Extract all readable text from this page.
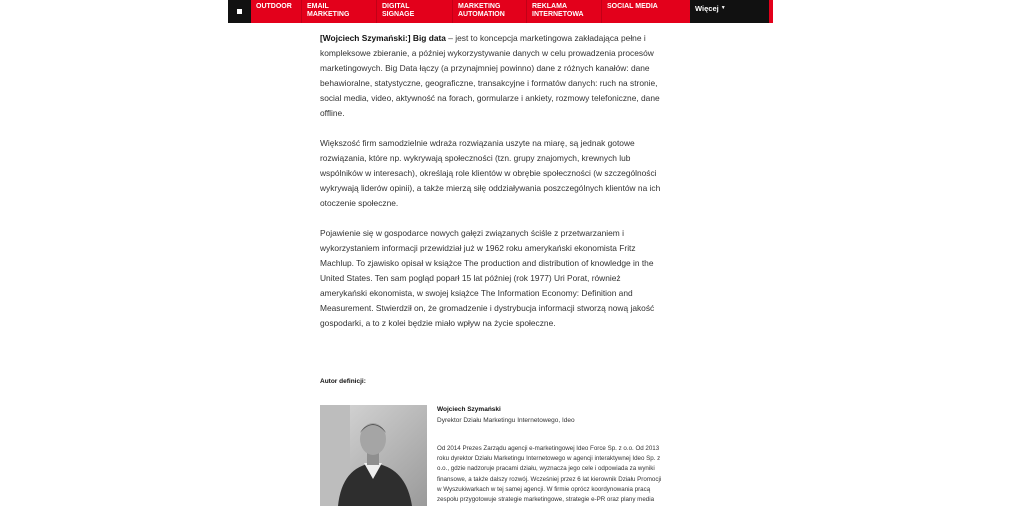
OUTDOOR	EMAIL
MARKETING
DIGITAL
SIGNAGE
MARKETING
AUTOMATION
REKLAMA
INTERNETOWA
SOCIAL MEDIA	Więcej ▼

[Wojciech Szymański:] Big data – jest to koncepcja marketingowa zakładająca pełne i kompleksowe zbieranie, a później wykorzystywanie danych w celu prowadzenia procesów marketingowych. Big Data łączy (a przynajmniej powinno) dane z różnych kanałów: dane behawioralne, statystyczne, geograficzne, transakcyjne i formatów danych: ruch na stronie, social media, video, aktywność na forach, gormularze i ankiety, rozmowy telefoniczne, dane offline.

Większość firm samodzielnie wdraża rozwiązania uszyte na miarę, są jednak gotowe rozwiązania, które np. wykrywają społeczności (tzn. grupy znajomych, krewnych lub wspólników w interesach), określają role klientów w obrębie społeczności (w szczególności wykrywają liderów opinii), a także mierzą siłę oddziaływania poszczególnych klientów na ich otoczenie społeczne.

Pojawienie się w gospodarce nowych gałęzi związanych ściśle z przetwarzaniem i wykorzystaniem informacji przewidział już w 1962 roku amerykański ekonomista Fritz Machlup. To zjawisko opisał w książce The production and distribution of knowledge in the United States. Ten sam pogląd poparł 15 lat później (rok 1977) Uri Porat, również amerykański ekonomista, w swojej książce The Information Economy: Definition and Measurement. Stwierdził on, że gromadzenie i dystrybucja informacji stworzą nową jakość gospodarki, a to z kolei będzie miało wpływ na życie społeczne.

Autor definicji:

Wojciech Szymański

Dyrektor Działu Marketingu Internetowego, Ideo

Od 2014 Prezes Zarządu agencji e-marketingowej Ideo Force Sp. z o.o. Od 2013 roku dyrektor Działu Marketingu Internetowego w agencji interaktywnej Ideo Sp. z o.o., gdzie nadzoruje pracami działu, wyznacza jego cele i odpowiada za wyniki finansowe, a także dalszy rozwój. Wcześniej przez 6 lat kierownik Działu Promocji w Wyszukiwarkach w tej samej agencji. W firmie oprócz koordynowania pracą zespołu przygotowuje strategie marketingowe, strategie e-PR oraz plany media
